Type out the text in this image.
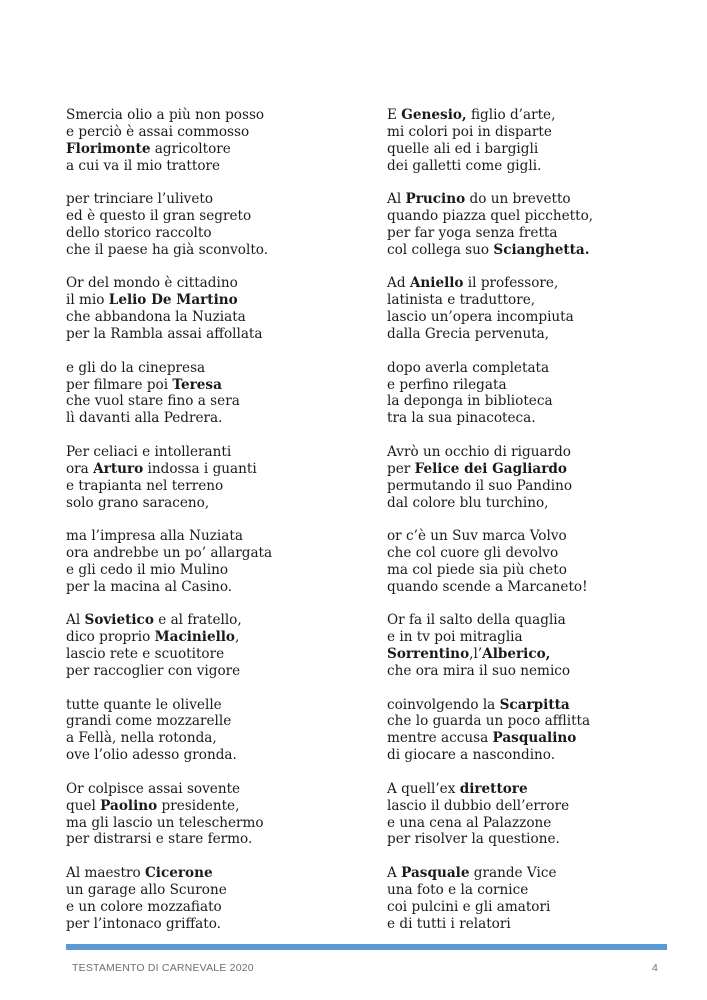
Smercia olio a più non posso
e perciò è assai commosso
Florimonte agricoltore
a cui va il mio trattore
per trinciare l’uliveto
ed è questo il gran segreto
dello storico raccolto
che il paese ha già sconvolto.
Or del mondo è cittadino
il mio Lelio De Martino
che abbandona la Nuziata
per la Rambla assai affollata
e gli do la cinepresa
per filmare poi Teresa
che vuol stare fino a sera
lì davanti alla Pedrera.
Per celiaci e intolleranti
ora Arturo indossa i guanti
e trapianta nel terreno
solo grano saraceno,
ma l’impresa alla Nuziata
ora andrebbe un po’ allargata
e gli cedo il mio Mulino
per la macina al Casino.
Al Sovietico e al fratello,
dico proprio Maciniello,
lascio rete e scuotitore
per raccoglier con vigore
tutte quante le olivelle
grandi come mozzarelle
a Fellà, nella rotonda,
ove l’olio adesso gronda.
Or colpisce assai sovente
quel Paolino presidente,
ma gli lascio un teleschermo
per distrarsi e stare fermo.
Al maestro Cicerone
un garage allo Scurone
e un colore mozzafiato
per l’intonaco griffato.
E Genesio, figlio d’arte,
mi colori poi in disparte
quelle ali ed i bargigli
dei galletti come gigli.
Al Prucino do un brevetto
quando piazza quel picchetto,
per far yoga senza fretta
col collega suo Scianghetta.
Ad Aniello il professore,
latinista e traduttore,
lascio un’opera incompiuta
dalla Grecia pervenuta,
dopo averla completata
e perfino rilegata
la deponga in biblioteca
tra la sua pinacoteca.
Avrò un occhio di riguardo
per Felice dei Gagliardo
permutando il suo Pandino
dal colore blu turchino,
or c’è un Suv marca Volvo
che col cuore gli devolvo
ma col piede sia più cheto
quando scende a Marcaneto!
Or fa il salto della quaglia
e in tv poi mitraglia
Sorrentino,l’Alberico,
che ora mira il suo nemico
coinvolgendo la Scarpitta
che lo guarda un poco afflitta
mentre accusa Pasqualino
di giocare a nascondino.
A quell’ex direttore
lascio il dubbio dell’errore
e una cena al Palazzone
per risolver la questione.
A Pasquale grande Vice
una foto e la cornice
coi pulcini e gli amatori
e di tutti i relatori
TESTAMENTO DI CARNEVALE 2020	4
